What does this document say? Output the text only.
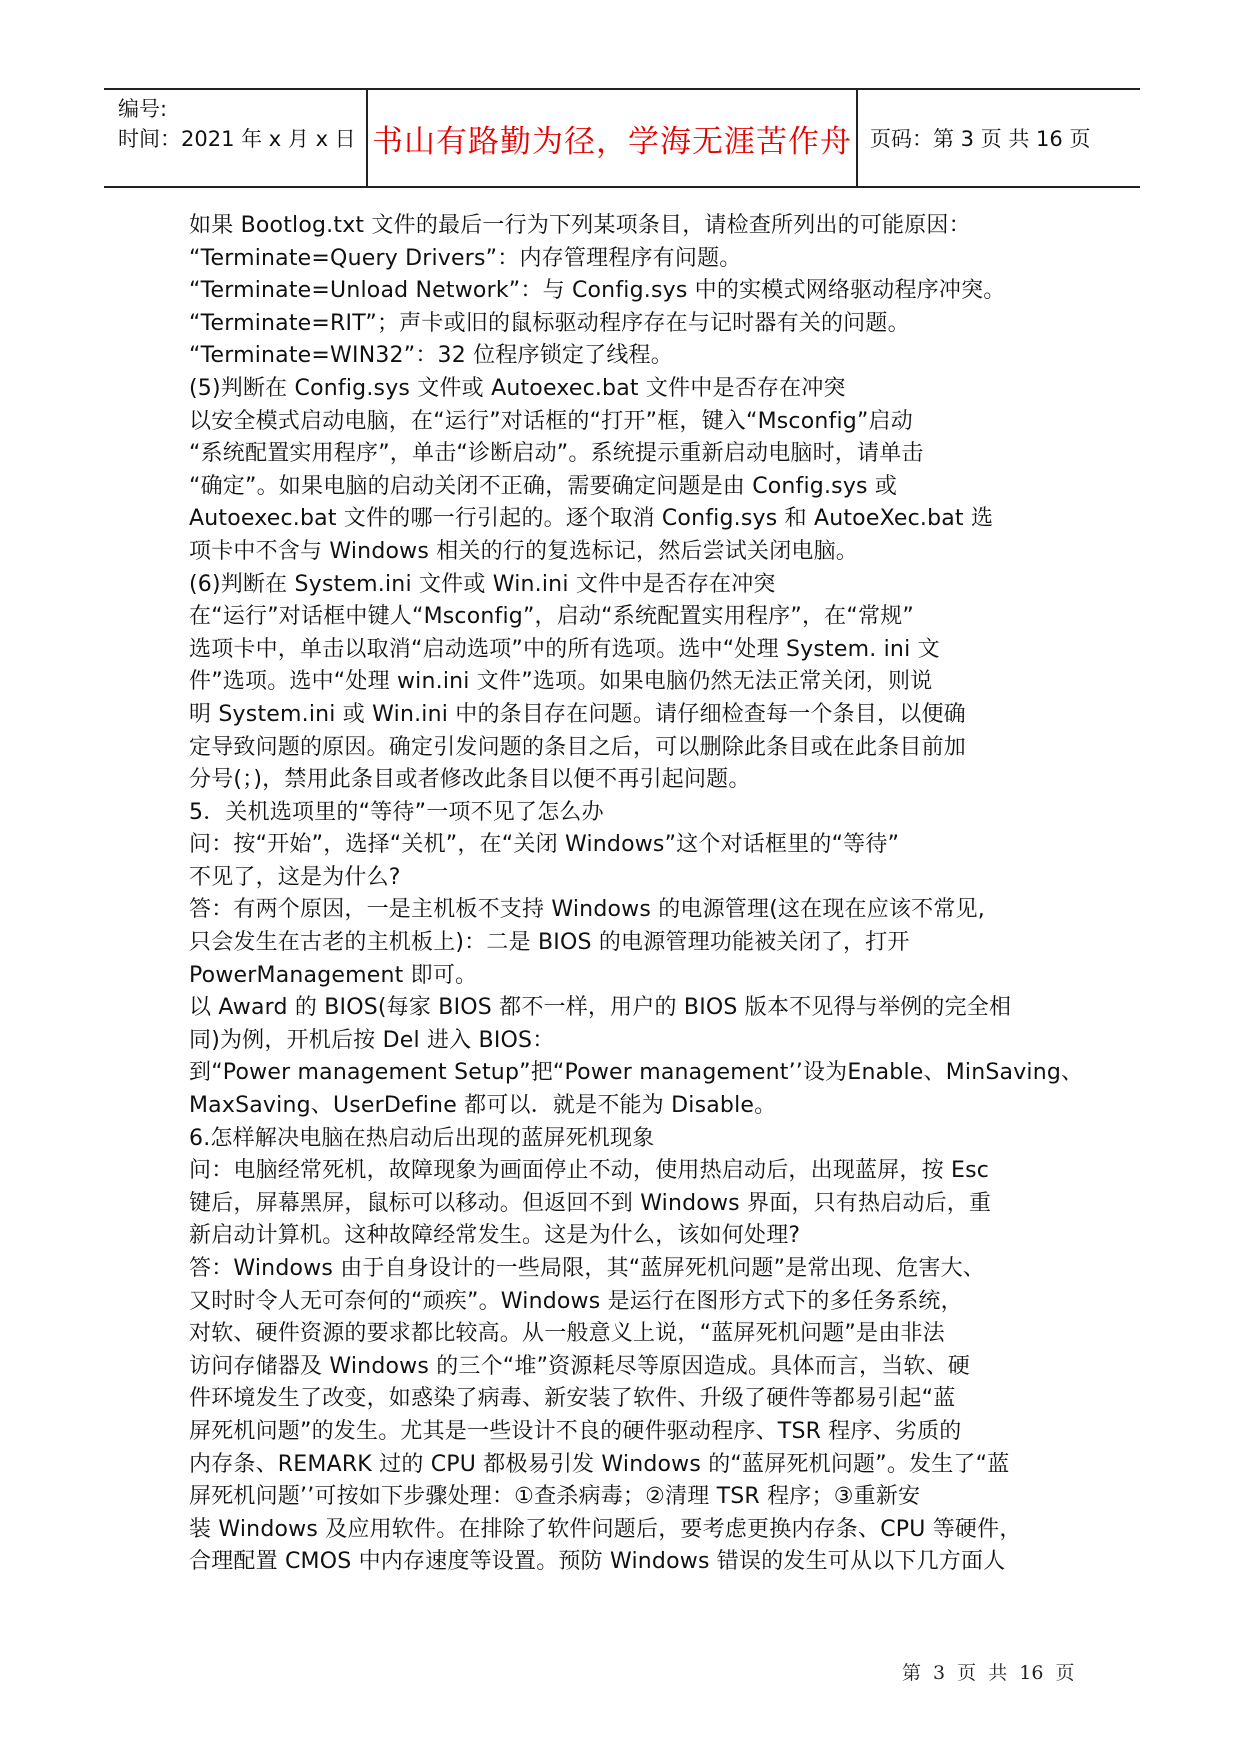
编号:
时间：2021 年 x 月 x 日 书山有路勤为径，学海无涯苦作舟 页码：第 3 页 共 16 页
如果 Bootlog.txt 文件的最后一行为下列某项条目，请检查所列出的可能原因：
“Terminate=Query Drivers”：内存管理程序有问题。
“Terminate=Unload Network”：与 Config.sys 中的实模式网络驱动程序冲突。
“Terminate=RIT”；声卡或旧的鼠标驱动程序存在与记时器有关的问题。
“Terminate=WIN32”：32 位程序锁定了线程。
(5)判断在 Config.sys 文件或 Autoexec.bat 文件中是否存在冲突
以安全模式启动电脑，在“运行”对话框的“打开”框，键入“Msconfig”启动
“系统配置实用程序”，单击“诊断启动”。系统提示重新启动电脑时，请单击
“确定”。如果电脑的启动关闭不正确，需要确定问题是由 Config.sys 或
Autoexec.bat 文件的哪一行引起的。逐个取消 Config.sys 和 AutoeXec.bat 选
项卡中不含与 Windows 相关的行的复选标记，然后尝试关闭电脑。
(6)判断在 System.ini 文件或 Win.ini 文件中是否存在冲突
在“运行”对话框中键人“Msconfig”，启动“系统配置实用程序”，在“常规”
选项卡中，单击以取消“启动选项”中的所有选项。选中“处理 System. ini 文
件”选项。选中“处理 win.ini 文件”选项。如果电脑仍然无法正常关闭，则说
明 System.ini 或 Win.ini 中的条目存在问题。请仔细检查每一个条目，以便确
定导致问题的原因。确定引发问题的条目之后，可以删除此条目或在此条目前加
分号(；)，禁用此条目或者修改此条目以便不再引起问题。
5．关机选项里的“等待”一项不见了怎么办
问：按“开始”，选择“关机”，在“关闭 Windows”这个对话框里的“等待”
不见了，这是为什么?
答：有两个原因，一是主机板不支持 Windows 的电源管理(这在现在应该不常见,
只会发生在古老的主机板上)：二是 BIOS 的电源管理功能被关闭了，打开
PowerManagement 即可。
以 Award 的 BIOS(每家 BIOS 都不一样，用户的 BIOS 版本不见得与举例的完全相
同)为例，开机后按 Del 进入 BIOS：
到“Power management Setup”把“Power management’’设为Enable、MinSaving、
MaxSaving、UserDefine 都可以．就是不能为 Disable。
6.怎样解决电脑在热启动后出现的蓝屏死机现象
问：电脑经常死机，故障现象为画面停止不动，使用热启动后，出现蓝屏，按 Esc
键后，屏幕黑屏，鼠标可以移动。但返回不到 Windows 界面，只有热启动后，重
新启动计算机。这种故障经常发生。这是为什么，该如何处理?
答：Windows 由于自身设计的一些局限，其“蓝屏死机问题”是常出现、危害大、
又时时令人无可奈何的“顽疾”。Windows 是运行在图形方式下的多任务系统，
对软、硬件资源的要求都比较高。从一般意义上说，“蓝屏死机问题”是由非法
访问存储器及 Windows 的三个“堆”资源耗尽等原因造成。具体而言，当软、硬
件环境发生了改变，如惑染了病毒、新安装了软件、升级了硬件等都易引起“蓝
屏死机问题”的发生。尤其是一些设计不良的硬件驱动程序、TSR 程序、劣质的
内存条、REMARK 过的 CPU 都极易引发 Windows 的“蓝屏死机问题”。发生了“蓝
屏死机问题’’可按如下步骤处理：①查杀病毒；②清理 TSR 程序；③重新安
装 Windows 及应用软件。在排除了软件问题后，要考虑更换内存条、CPU 等硬件，
合理配置 CMOS 中内存速度等设置。预防 Windows 错误的发生可从以下几方面人
第 3 页 共 16 页
